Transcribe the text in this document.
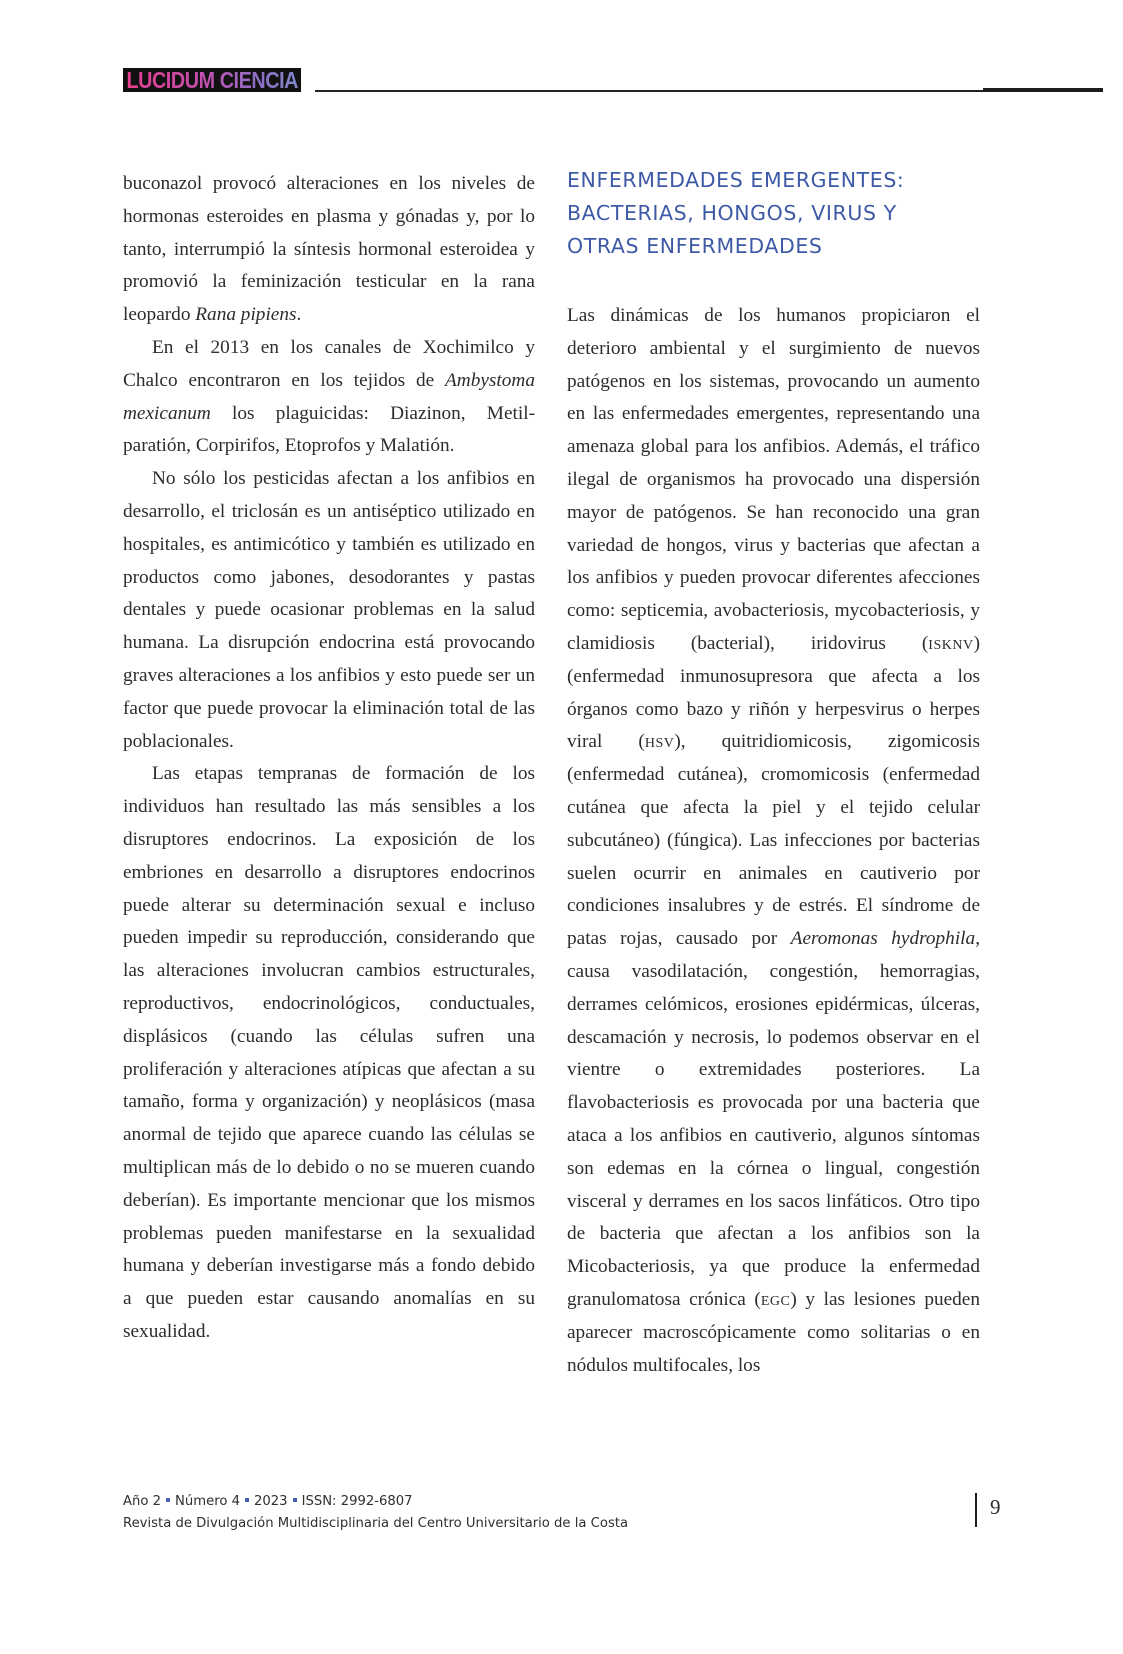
LUCIDUM CIENCIA

buconazol provocó alteraciones en los niveles de hormonas esteroides en plasma y gónadas y, por lo tanto, interrumpió la síntesis hormonal esteroidea y promovió la feminización testicular en la rana leopardo Rana pipiens.

En el 2013 en los canales de Xochimilco y Chalco encontraron en los tejidos de Ambystoma mexicanum los plaguicidas: Diazinon, Metil-paratión, Corpirifos, Etoprofos y Malatión.

No sólo los pesticidas afectan a los anfibios en desarrollo, el triclosán es un antiséptico utilizado en hospitales, es antimicótico y también es utilizado en productos como jabones, desodorantes y pastas dentales y puede ocasionar problemas en la salud humana. La disrupción endocrina está provocando graves alteraciones a los anfibios y esto puede ser un factor que puede provocar la eliminación total de las poblacionales.

Las etapas tempranas de formación de los individuos han resultado las más sensibles a los disruptores endocrinos. La exposición de los embriones en desarrollo a disruptores endocrinos puede alterar su determinación sexual e incluso pueden impedir su reproducción, considerando que las alteraciones involucran cambios estructurales, reproductivos, endocrinológicos, conductuales, displásicos (cuando las células sufren una proliferación y alteraciones atípicas que afectan a su tamaño, forma y organización) y neoplásicos (masa anormal de tejido que aparece cuando las células se multiplican más de lo debido o no se mueren cuando deberían). Es importante mencionar que los mismos problemas pueden manifestarse en la sexualidad humana y deberían investigarse más a fondo debido a que pueden estar causando anomalías en su sexualidad.

ENFERMEDADES EMERGENTES:
BACTERIAS, HONGOS, VIRUS Y
OTRAS ENFERMEDADES

Las dinámicas de los humanos propiciaron el deterioro ambiental y el surgimiento de nuevos patógenos en los sistemas, provocando un aumento en las enfermedades emergentes, representando una amenaza global para los anfibios. Además, el tráfico ilegal de organismos ha provocado una dispersión mayor de patógenos. Se han reconocido una gran variedad de hongos, virus y bacterias que afectan a los anfibios y pueden provocar diferentes afecciones como: septicemia, avobacteriosis, mycobacteriosis, y clamidiosis (bacterial), iridovirus (isknv) (enfermedad inmunosupresora que afecta a los órganos como bazo y riñón y herpesvirus o herpes viral (hsv), quitridiomicosis, zigomicosis (enfermedad cutánea), cromomicosis (enfermedad cutánea que afecta la piel y el tejido celular subcutáneo) (fúngica). Las infecciones por bacterias suelen ocurrir en animales en cautiverio por condiciones insalubres y de estrés. El síndrome de patas rojas, causado por Aeromonas hydrophila, causa vasodilatación, congestión, hemorragias, derrames celómicos, erosiones epidérmicas, úlceras, descamación y necrosis, lo podemos observar en el vientre o extremidades posteriores. La flavobacteriosis es provocada por una bacteria que ataca a los anfibios en cautiverio, algunos síntomas son edemas en la córnea o lingual, congestión visceral y derrames en los sacos linfáticos. Otro tipo de bacteria que afectan a los anfibios son la Micobacteriosis, ya que produce la enfermedad granulomatosa crónica (egc) y las lesiones pueden aparecer macroscópicamente como solitarias o en nódulos multifocales, los

Año 2 Número 4 2023 ISSN: 2992-6807
Revista de Divulgación Multidisciplinaria del Centro Universitario de la Costa
9
